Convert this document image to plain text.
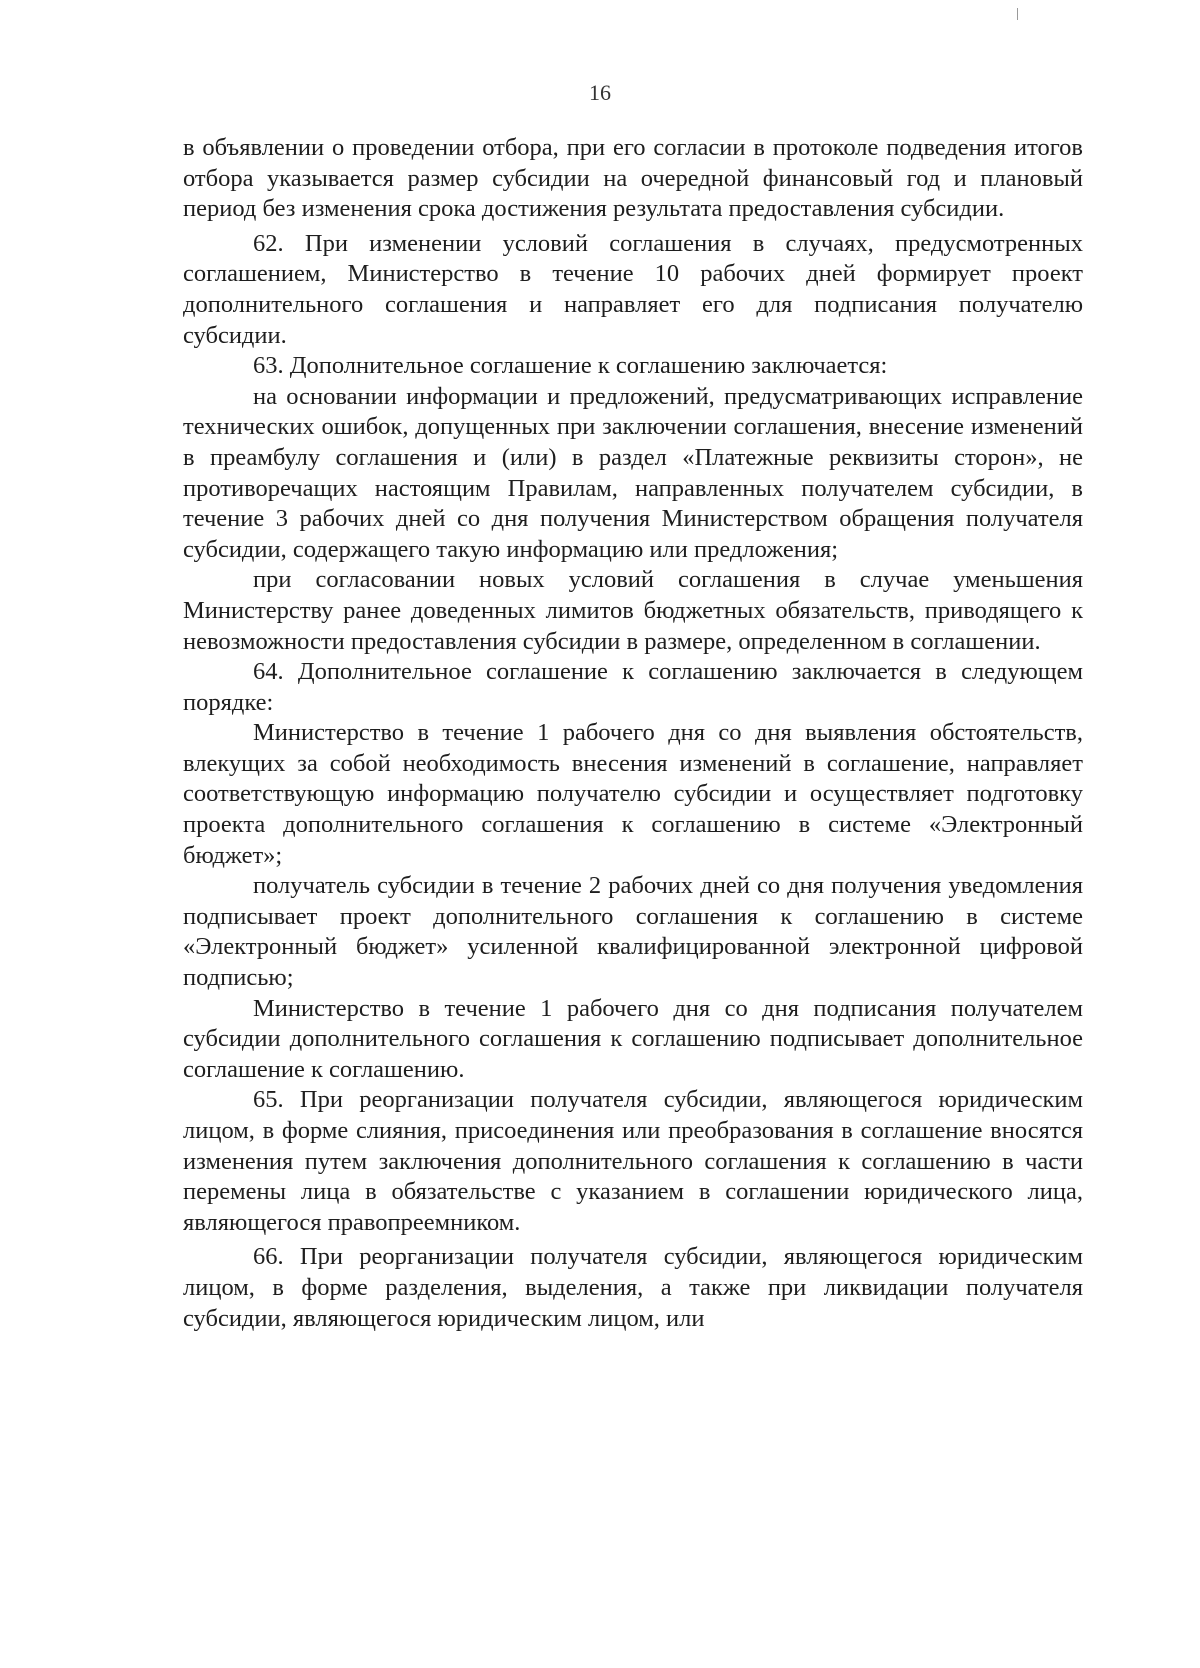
16

в объявлении о проведении отбора, при его согласии в протоколе подведения итогов отбора указывается размер субсидии на очередной финансовый год и плановый период без изменения срока достижения результата предоставления субсидии.

62. При изменении условий соглашения в случаях, предусмотренных соглашением, Министерство в течение 10 рабочих дней формирует проект дополнительного соглашения и направляет его для подписания получателю субсидии.

63. Дополнительное соглашение к соглашению заключается:

на основании информации и предложений, предусматривающих исправление технических ошибок, допущенных при заключении соглашения, внесение изменений в преамбулу соглашения и (или) в раздел «Платежные реквизиты сторон», не противоречащих настоящим Правилам, направленных получателем субсидии, в течение 3 рабочих дней со дня получения Министерством обращения получателя субсидии, содержащего такую информацию или предложения;

при согласовании новых условий соглашения в случае уменьшения Министерству ранее доведенных лимитов бюджетных обязательств, приводящего к невозможности предоставления субсидии в размере, определенном в соглашении.

64. Дополнительное соглашение к соглашению заключается в следующем порядке:

Министерство в течение 1 рабочего дня со дня выявления обстоятельств, влекущих за собой необходимость внесения изменений в соглашение, направляет соответствующую информацию получателю субсидии и осуществляет подготовку проекта дополнительного соглашения к соглашению в системе «Электронный бюджет»;

получатель субсидии в течение 2 рабочих дней со дня получения уведомления подписывает проект дополнительного соглашения к соглашению в системе «Электронный бюджет» усиленной квалифицированной электронной цифровой подписью;

Министерство в течение 1 рабочего дня со дня подписания получателем субсидии дополнительного соглашения к соглашению подписывает дополнительное соглашение к соглашению.

65. При реорганизации получателя субсидии, являющегося юридическим лицом, в форме слияния, присоединения или преобразования в соглашение вносятся изменения путем заключения дополнительного соглашения к соглашению в части перемены лица в обязательстве с указанием в соглашении юридического лица, являющегося правопреемником.

66. При реорганизации получателя субсидии, являющегося юридическим лицом, в форме разделения, выделения, а также при ликвидации получателя субсидии, являющегося юридическим лицом, или
